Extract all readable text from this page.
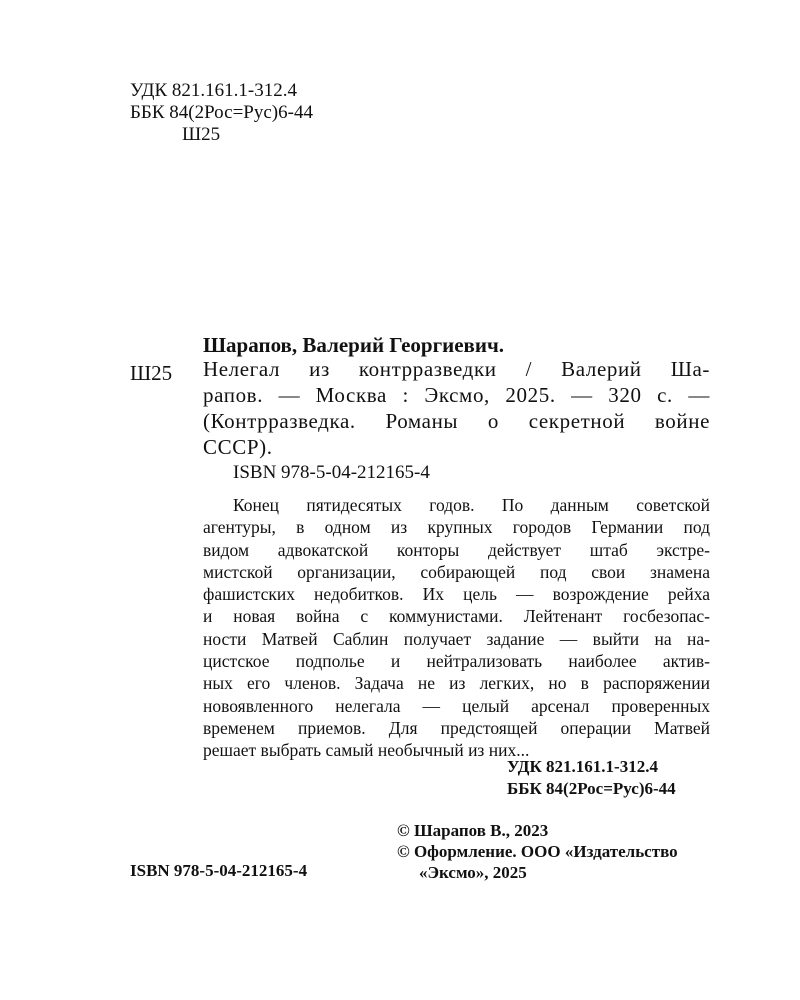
УДК 821.161.1-312.4
ББК 84(2Рос=Рус)6-44
Ш25
Шарапов, Валерий Георгиевич.
Ш25 Нелегал из контрразведки / Валерий Ша-
рапов. — Москва : Эксмо, 2025. — 320 с. —
(Контрразведка. Романы о секретной войне
СССР).
ISBN 978-5-04-212165-4
Конец пятидесятых годов. По данным советской
агентуры, в одном из крупных городов Германии под
видом адвокатской конторы действует штаб экстре-
мистской организации, собирающей под свои знамена
фашистских недобитков. Их цель — возрождение рейха
и новая война с коммунистами. Лейтенант госбезопас-
ности Матвей Саблин получает задание — выйти на на-
цистское подполье и нейтрализовать наиболее актив-
ных его членов. Задача не из легких, но в распоряжении
новоявленного нелегала — целый арсенал проверенных
временем приемов. Для предстоящей операции Матвей
решает выбрать самый необычный из них...
УДК 821.161.1-312.4
ББК 84(2Рос=Рус)6-44
© Шарапов В., 2023
© Оформление. ООО «Издательство
«Эксмо», 2025
ISBN 978-5-04-212165-4
